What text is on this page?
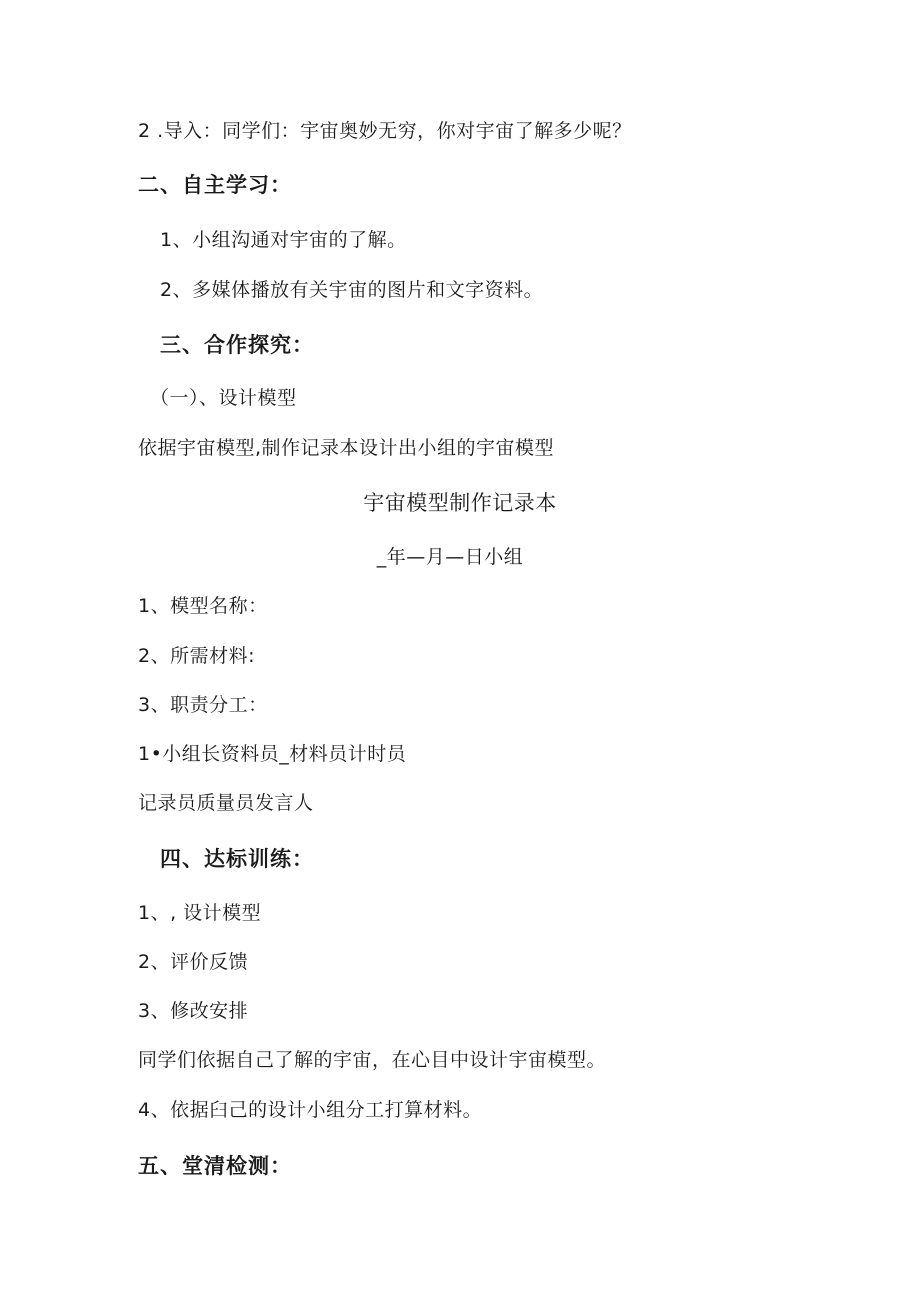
2 .导入：同学们：宇宙奥妙无穷，你对宇宙了解多少呢？
二、自主学习：
1、小组沟通对宇宙的了解。
2、多媒体播放有关宇宙的图片和文字资料。
三、合作探究：
（一）、设计模型
依据宇宙模型,制作记录本设计出小组的宇宙模型
宇宙模型制作记录本
_年—月—日小组
1、模型名称：
2、所需材料:
3、职责分工：
1•小组长资料员_材料员计时员
记录员质量员发言人
四、达标训练：
1、, 设计模型
2、评价反馈
3、修改安排
同学们依据自己了解的宇宙，在心目中设计宇宙模型。
4、依据臼己的设计小组分工打算材料。
五、堂清检测：
